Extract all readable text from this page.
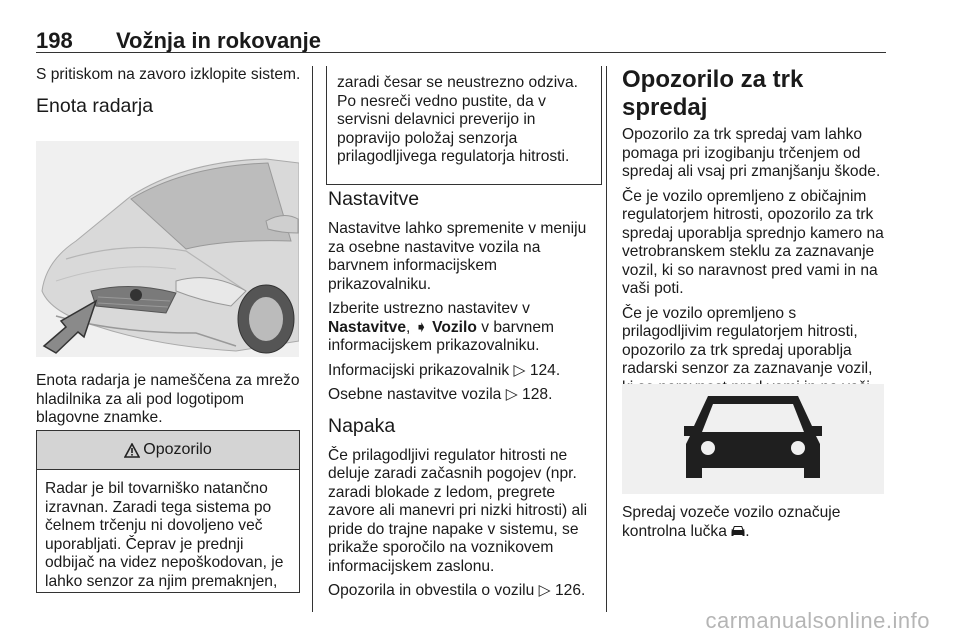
198 Vožnja in rokovanje

S pritiskom na zavoro izklopite sistem.

Enota radarja

Enota radarja je nameščena za mrežo hladilnika za ali pod logotipom blagovne znamke.

Opozorilo
Radar je bil tovarniško natančno izravnan. Zaradi tega sistema po čelnem trčenju ni dovoljeno več uporabljati. Čeprav je prednji odbijač na videz nepoškodovan, je lahko senzor za njim premaknjen,
zaradi česar se neustrezno odziva. Po nesreči vedno pustite, da v servisni delavnici preverijo in popravijo položaj senzorja prilagodljivega regulatorja hitrosti.
Nastavitve

Nastavitve lahko spremenite v meniju za osebne nastavitve vozila na barvnem informacijskem prikazovalniku.

Izberite ustrezno nastavitev v
Nastavitve, ➧ Vozilo v barvnem informacijskem prikazovalniku.

Informacijski prikazovalnik ▷ 124.

Osebne nastavitve vozila ▷ 128.

Napaka

Če prilagodljivi regulator hitrosti ne deluje zaradi začasnih pogojev (npr. zaradi blokade z ledom, pregrete zavore ali manevri pri nizki hitrosti) ali pride do trajne napake v sistemu, se prikaže sporočilo na voznikovem informacijskem zaslonu.

Opozorila in obvestila o vozilu ▷ 126.

Opozorilo za trk spredaj

Opozorilo za trk spredaj vam lahko pomaga pri izogibanju trčenjem od spredaj ali vsaj pri zmanjšanju škode.

Če je vozilo opremljeno z običajnim regulatorjem hitrosti, opozorilo za trk spredaj uporablja sprednjo kamero na vetrobranskem steklu za zaznavanje vozil, ki so naravnost pred vami in na vaši poti.

Če je vozilo opremljeno s prilagodljivim regulatorjem hitrosti, opozorilo za trk spredaj uporablja radarski senzor za zaznavanje vozil,

Spredaj vozeče vozilo označuje kontrolna lučka .

carmanualsonline.info
